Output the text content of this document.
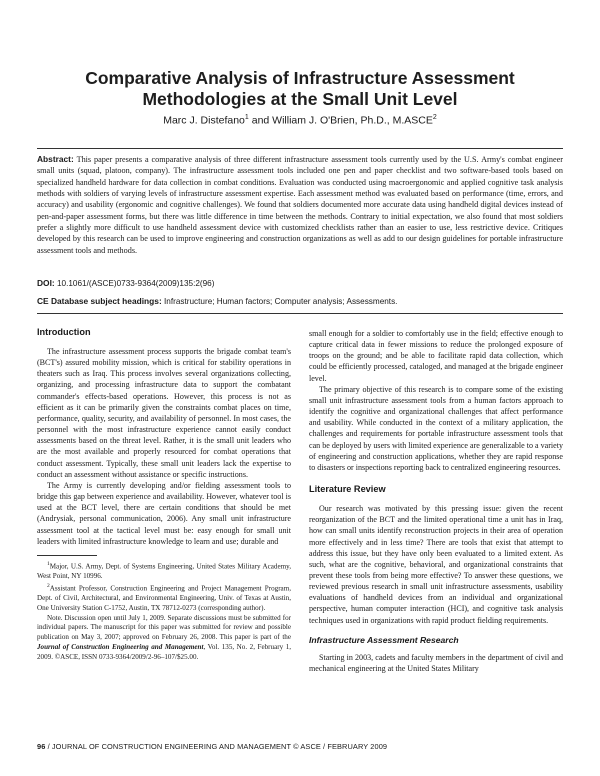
Comparative Analysis of Infrastructure Assessment Methodologies at the Small Unit Level
Marc J. Distefano$^1$ and William J. O'Brien, Ph.D., M.ASCE$^2$
Abstract: This paper presents a comparative analysis of three different infrastructure assessment tools currently used by the U.S. Army's combat engineer small units (squad, platoon, company). The infrastructure assessment tools included one pen and paper checklist and two software-based tools based on specialized handheld hardware for data collection in combat conditions. Evaluation was conducted using macroergonomic and applied cognitive task analysis methods with soldiers of varying levels of infrastructure assessment expertise. Each assessment method was evaluated based on performance (time, errors, and accuracy) and usability (ergonomic and cognitive challenges). We found that soldiers documented more accurate data using handheld digital devices instead of pen-and-paper assessment forms, but there was little difference in time between the methods. Contrary to initial expectation, we also found that most soldiers prefer a slightly more difficult to use handheld assessment device with customized checklists rather than an easier to use, less restrictive device. Critiques developed by this research can be used to improve engineering and construction organizations as well as add to our design guidelines for portable infrastructure assessment tools and methods.
DOI: 10.1061/(ASCE)0733-9364(2009)135:2(96)
CE Database subject headings: Infrastructure; Human factors; Computer analysis; Assessments.
Introduction

The infrastructure assessment process supports the brigade combat team's (BCT's) assured mobility mission, which is critical for stability operations in theaters such as Iraq. This process involves several organizations collecting, organizing, and processing infrastructure data to support the combatant commander's effects-based operations. However, this process is not as efficient as it can be primarily given the constraints combat places on time, performance, quality, security, and availability of personnel. In most cases, the personnel with the most infrastructure experience cannot easily conduct assessments based on the threat level. Rather, it is the small unit leaders who are the most available and properly resourced for combat operations that conduct assessment. Typically, these small unit leaders lack the expertise to conduct an assessment without assistance or specific instructions.

The Army is currently developing and/or fielding assessment tools to bridge this gap between experience and availability. However, whatever tool is used at the BCT level, there are certain conditions that should be met (Andrysiak, personal communication, 2006). Any small unit infrastructure assessment tool at the tactical level must be: easy enough for small unit leaders with limited infrastructure knowledge to learn and use; durable and

$^1$Major, U.S. Army, Dept. of Systems Engineering, United States Military Academy, West Point, NY 10996.

$^2$Assistant Professor, Construction Engineering and Project Management Program, Dept. of Civil, Architectural, and Environmental Engineering, Univ. of Texas at Austin, One University Station C-1752, Austin, TX 78712-0273 (corresponding author).

Note. Discussion open until July 1, 2009. Separate discussions must be submitted for individual papers. The manuscript for this paper was submitted for review and possible publication on May 3, 2007; approved on February 26, 2008. This paper is part of the Journal of Construction Engineering and Management, Vol. 135, No. 2, February 1, 2009. ©ASCE, ISSN 0733-9364/2009/2-96–107/$25.00.

small enough for a soldier to comfortably use in the field; effective enough to capture critical data in fewer missions to reduce the prolonged exposure of troops on the ground; and be able to facilitate rapid data collection, which could be efficiently processed, cataloged, and managed at the brigade engineer level.

The primary objective of this research is to compare some of the existing small unit infrastructure assessment tools from a human factors approach to identify the cognitive and organizational challenges that affect performance and usability. While conducted in the context of a military application, the challenges and requirements for portable infrastructure assessment tools that can be deployed by users with limited experience are generalizable to a variety of engineering and construction applications, whether they are rapid response to disasters or inspections reporting back to centralized engineering resources.

Literature Review

Our research was motivated by this pressing issue: given the recent reorganization of the BCT and the limited operational time a unit has in Iraq, how can small units identify reconstruction projects in their area of operation more effectively and in less time? There are tools that exist that attempt to address this issue, but they have only been evaluated to a limited extent. As such, what are the cognitive, behavioral, and organizational constraints that prevent these tools from being more effective? To answer these questions, we reviewed previous research in small unit infrastructure assessments, usability evaluations of handheld devices from an individual and organizational perspective, human computer interaction (HCI), and cognitive task analysis techniques used in organizations with rapid product fielding requirements.

Infrastructure Assessment Research

Starting in 2003, cadets and faculty members in the department of civil and mechanical engineering at the United States Military

96 / JOURNAL OF CONSTRUCTION ENGINEERING AND MANAGEMENT © ASCE / FEBRUARY 2009
